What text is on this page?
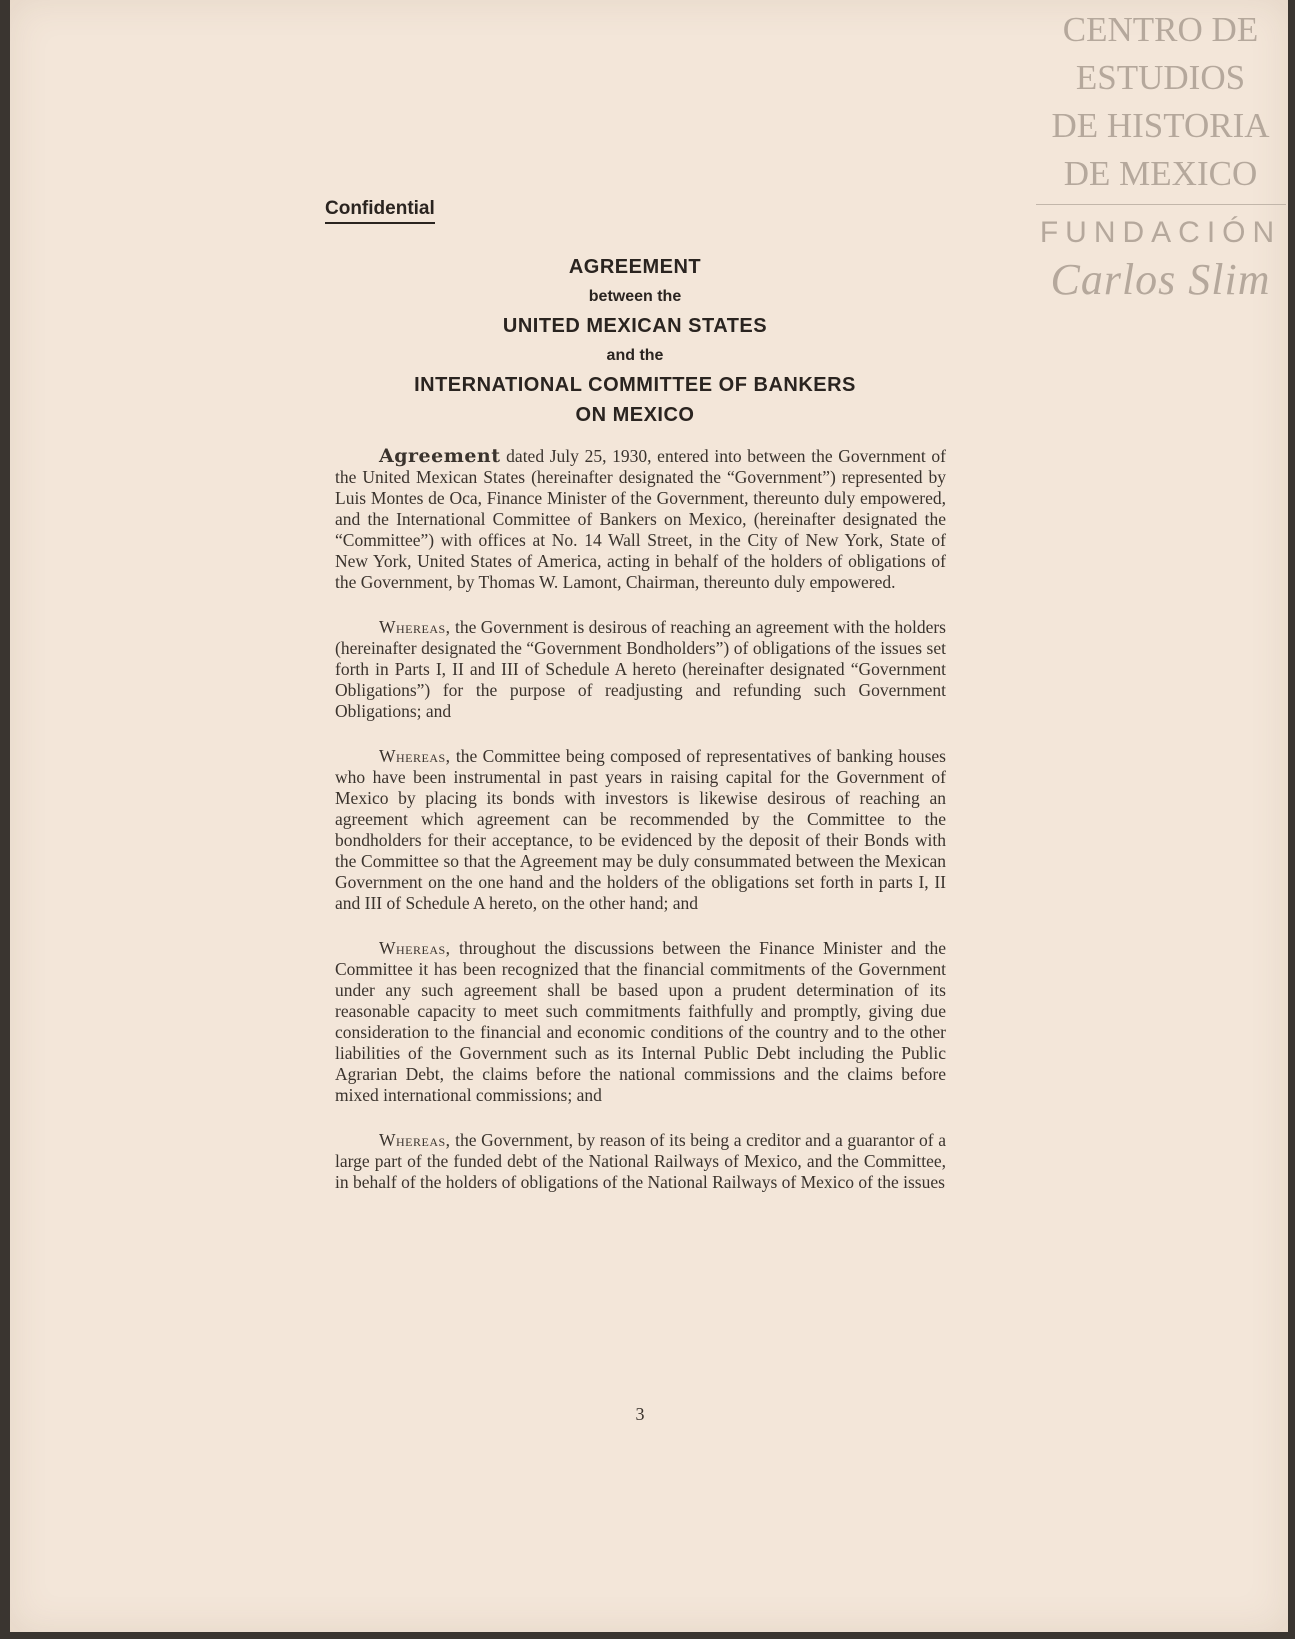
CENTRO DE
ESTUDIOS
DE HISTORIA
DE MEXICO
FUNDACIÓN
Carlos Slim
Confidential
AGREEMENT
between the
UNITED MEXICAN STATES
and the
INTERNATIONAL COMMITTEE OF BANKERS
ON MEXICO

Agreement dated July 25, 1930, entered into between the Government of the United Mexican States (hereinafter designated the “Government”) represented by Luis Montes de Oca, Finance Minister of the Government, thereunto duly empowered, and the International Committee of Bankers on Mexico, (hereinafter designated the “Committee”) with offices at No. 14 Wall Street, in the City of New York, State of New York, United States of America, acting in behalf of the holders of obligations of the Government, by Thomas W. Lamont, Chairman, thereunto duly empowered.

Whereas, the Government is desirous of reaching an agreement with the holders (hereinafter designated the “Government Bondholders”) of obligations of the issues set forth in Parts I, II and III of Schedule A hereto (hereinafter designated “Government Obligations”) for the purpose of readjusting and refunding such Government Obligations; and

Whereas, the Committee being composed of representatives of banking houses who have been instrumental in past years in raising capital for the Government of Mexico by placing its bonds with investors is likewise desirous of reaching an agreement which agreement can be recommended by the Committee to the bondholders for their acceptance, to be evidenced by the deposit of their Bonds with the Committee so that the Agreement may be duly consummated between the Mexican Government on the one hand and the holders of the obligations set forth in parts I, II and III of Schedule A hereto, on the other hand; and

Whereas, throughout the discussions between the Finance Minister and the Committee it has been recognized that the financial commitments of the Government under any such agreement shall be based upon a prudent determination of its reasonable capacity to meet such commitments faithfully and promptly, giving due consideration to the financial and economic conditions of the country and to the other liabilities of the Government such as its Internal Public Debt including the Public Agrarian Debt, the claims before the national commissions and the claims before mixed international commissions; and

Whereas, the Government, by reason of its being a creditor and a guarantor of a large part of the funded debt of the National Railways of Mexico, and the Committee, in behalf of the holders of obligations of the National Railways of Mexico of the issues

3
